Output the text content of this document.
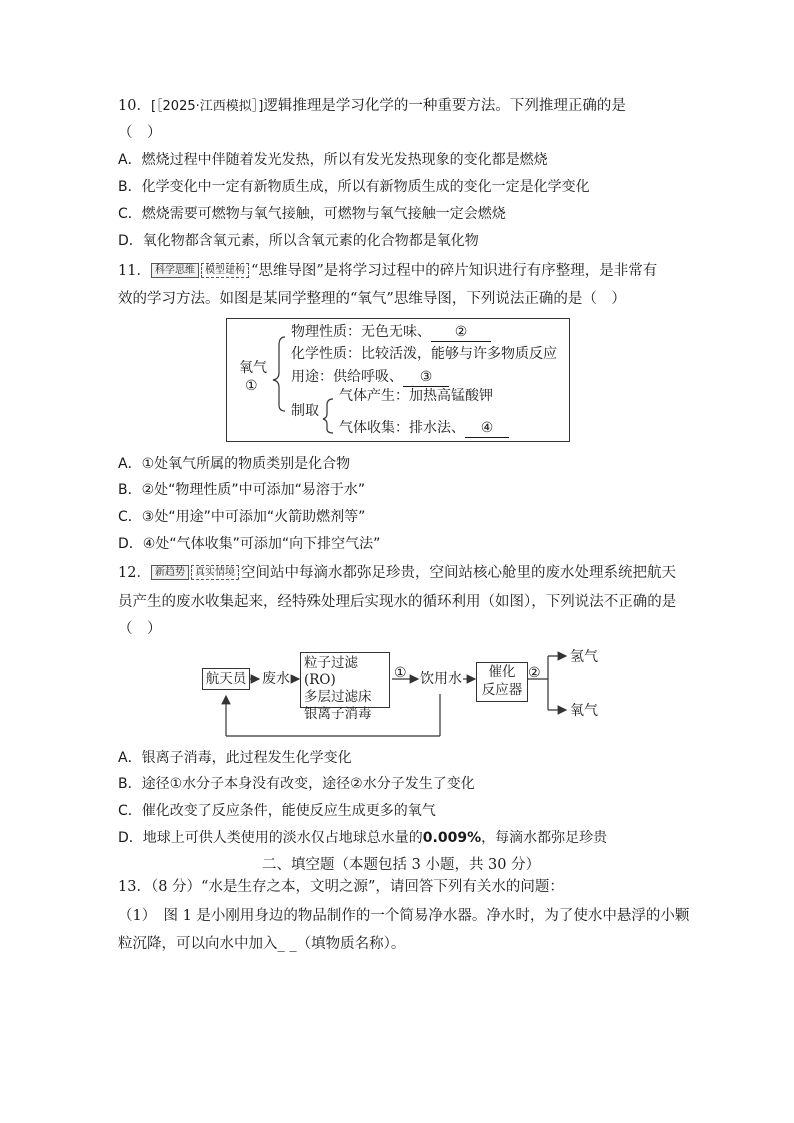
10．[［2025·江西模拟］]逻辑推理是学习化学的一种重要方法。下列推理正确的是
（　）
A．燃烧过程中伴随着发光发热，所以有发光发热现象的变化都是燃烧
B．化学变化中一定有新物质生成，所以有新物质生成的变化一定是化学变化
C．燃烧需要可燃物与氧气接触，可燃物与氧气接触一定会燃烧
D．氧化物都含氧元素，所以含氧元素的化合物都是氧化物
11． 科学思维 模型建构 “思维导图”是将学习过程中的碎片知识进行有序整理，是非常有
效的学习方法。如图是某同学整理的“氧气”思维导图，下列说法正确的是（　）
氧气
①
物理性质：无色无味、 ②
化学性质：比较活泼，能够与许多物质反应
用途：供给呼吸、 ③
制取
气体产生：加热高锰酸钾
气体收集：排水法、 ④
A．①处氧气所属的物质类别是化合物
B．②处“物理性质”中可添加“易溶于水”
C．③处“用途”中可添加“火箭助燃剂等”
D．④处“气体收集”可添加“向下排空气法”
12． 新趋势 真实情境 空间站中每滴水都弥足珍贵，空间站核心舱里的废水处理系统把航天
员产生的废水收集起来，经特殊处理后实现水的循环利用（如图），下列说法不正确的是
（　）
航天员 废水
粒子过滤(RO)
多层过滤床
银离子消毒
① 饮用水	催化
反应器
②
氢气
氧气
A．银离子消毒，此过程发生化学变化
B．途径①水分子本身没有改变，途径②水分子发生了变化
C．催化改变了反应条件，能使反应生成更多的氧气
D．地球上可供人类使用的淡水仅占地球总水量的0.009%，每滴水都弥足珍贵
二、填空题（本题包括 3 小题，共 30 分）
13．（8 分）“水是生存之本，文明之源”，请回答下列有关水的问题：
（1）　图 1 是小刚用身边的物品制作的一个简易净水器。净水时，为了使水中悬浮的小颗
粒沉降，可以向水中加入_ _（填物质名称）。
